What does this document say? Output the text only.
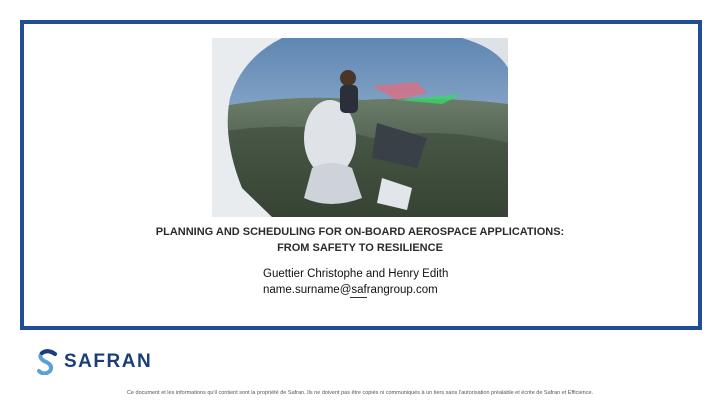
PLANNING AND SCHEDULING FOR ON-BOARD AEROSPACE APPLICATIONS:
FROM SAFETY TO RESILIENCE
Guettier Christophe and Henry Edith
name.surname@safrangroup.com
SAFRAN
Ce document et les informations qu'il contient sont la propriété de Safran. Ils ne doivent pas être copiés ni communiqués à un tiers sans l'autorisation préalable et écrite de Safran et Efficience.
